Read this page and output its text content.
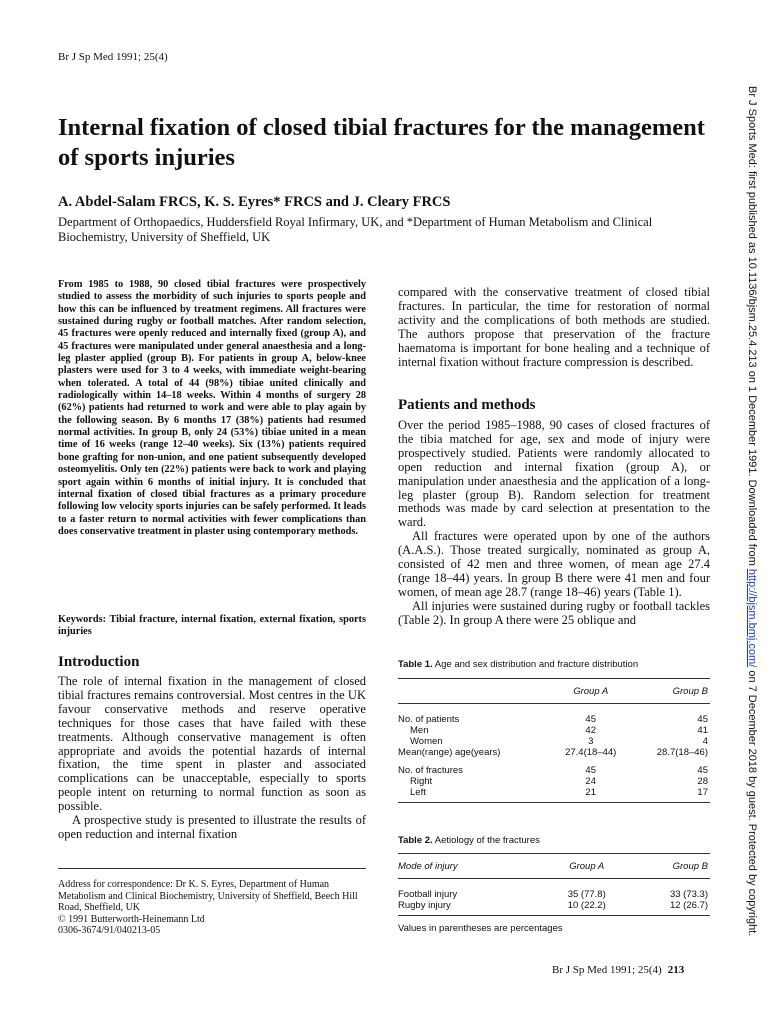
Br J Sp Med 1991; 25(4)
Internal fixation of closed tibial fractures for the management of sports injuries
A. Abdel-Salam FRCS, K. S. Eyres* FRCS and J. Cleary FRCS
Department of Orthopaedics, Huddersfield Royal Infirmary, UK, and *Department of Human Metabolism and Clinical Biochemistry, University of Sheffield, UK	Br J Sports Med: first published as 10.1136/bjsm.25.4.213 on 1 December 1991. Downloaded from http://bjsm.bmj.com/ on 7 December 2018 by guest. Protected by copyright.
From 1985 to 1988, 90 closed tibial fractures were prospectively studied to assess the morbidity of such injuries to sports people and how this can be influenced by treatment regimens. All fractures were sustained during rugby or football matches. After random selection, 45 fractures were openly reduced and internally fixed (group A), and 45 fractures were manipulated under general anaesthesia and a long-leg plaster applied (group B). For patients in group A, below-knee plasters were used for 3 to 4 weeks, with immediate weight-bearing when tolerated. A total of 44 (98%) tibiae united clinically and radiologically within 14–18 weeks. Within 4 months of surgery 28 (62%) patients had returned to work and were able to play again by the following season. By 6 months 17 (38%) patients had resumed normal activities. In group B, only 24 (53%) tibiae united in a mean time of 16 weeks (range 12–40 weeks). Six (13%) patients required bone grafting for non-union, and one patient subsequently developed osteomyelitis. Only ten (22%) patients were back to work and playing sport again within 6 months of initial injury. It is concluded that internal fixation of closed tibial fractures as a primary procedure following low velocity sports injuries can be safely performed. It leads to a faster return to normal activities with fewer complications than does conservative treatment in plaster using contemporary methods.
Keywords: Tibial fracture, internal fixation, external fixation, sports injuries
Introduction

The role of internal fixation in the management of closed tibial fractures remains controversial. Most centres in the UK favour conservative methods and reserve operative techniques for those cases that have failed with these treatments. Although conservative management is often appropriate and avoids the potential hazards of internal fixation, the time spent in plaster and associated complications can be unacceptable, especially to sports people intent on returning to normal function as soon as possible.

A prospective study is presented to illustrate the results of open reduction and internal fixation

Address for correspondence: Dr K. S. Eyres, Department of Human Metabolism and Clinical Biochemistry, University of Sheffield, Beech Hill Road, Sheffield, UK
© 1991 Butterworth-Heinemann Ltd
0306-3674/91/040213-05
compared with the conservative treatment of closed tibial fractures. In particular, the time for restoration of normal activity and the complications of both methods are studied. The authors propose that preservation of the fracture haematoma is important for bone healing and a technique of internal fixation without fracture compression is described.
Patients and methods

Over the period 1985–1988, 90 cases of closed fractures of the tibia matched for age, sex and mode of injury were prospectively studied. Patients were randomly allocated to open reduction and internal fixation (group A), or manipulation under anaesthesia and the application of a long-leg plaster (group B). Random selection for treatment methods was made by card selection at presentation to the ward.

All fractures were operated upon by one of the authors (A.A.S.). Those treated surgically, nominated as group A, consisted of 42 men and three women, of mean age 27.4 (range 18–44) years. In group B there were 41 men and four women, of mean age 28.7 (range 18–46) years (Table 1).

All injuries were sustained during rugby or football tackles (Table 2). In group A there were 25 oblique and

Table 1. Age and sex distribution and fracture distribution
	Group A	Group B
No. of patients	45	45
Men	42	41
Women	3	4
Mean(range) age(years)	27.4(18–44)	28.7(18–46)
No. of fractures	45	45
Right	24	28
Left	21	17
Table 2. Aetiology of the fractures
Mode of injury	Group A	Group B
Football injury	35 (77.8)	33 (73.3)
Rugby injury	10 (22.2)	12 (26.7)
Values in parentheses are percentages
Br J Sp Med 1991; 25(4) 213
